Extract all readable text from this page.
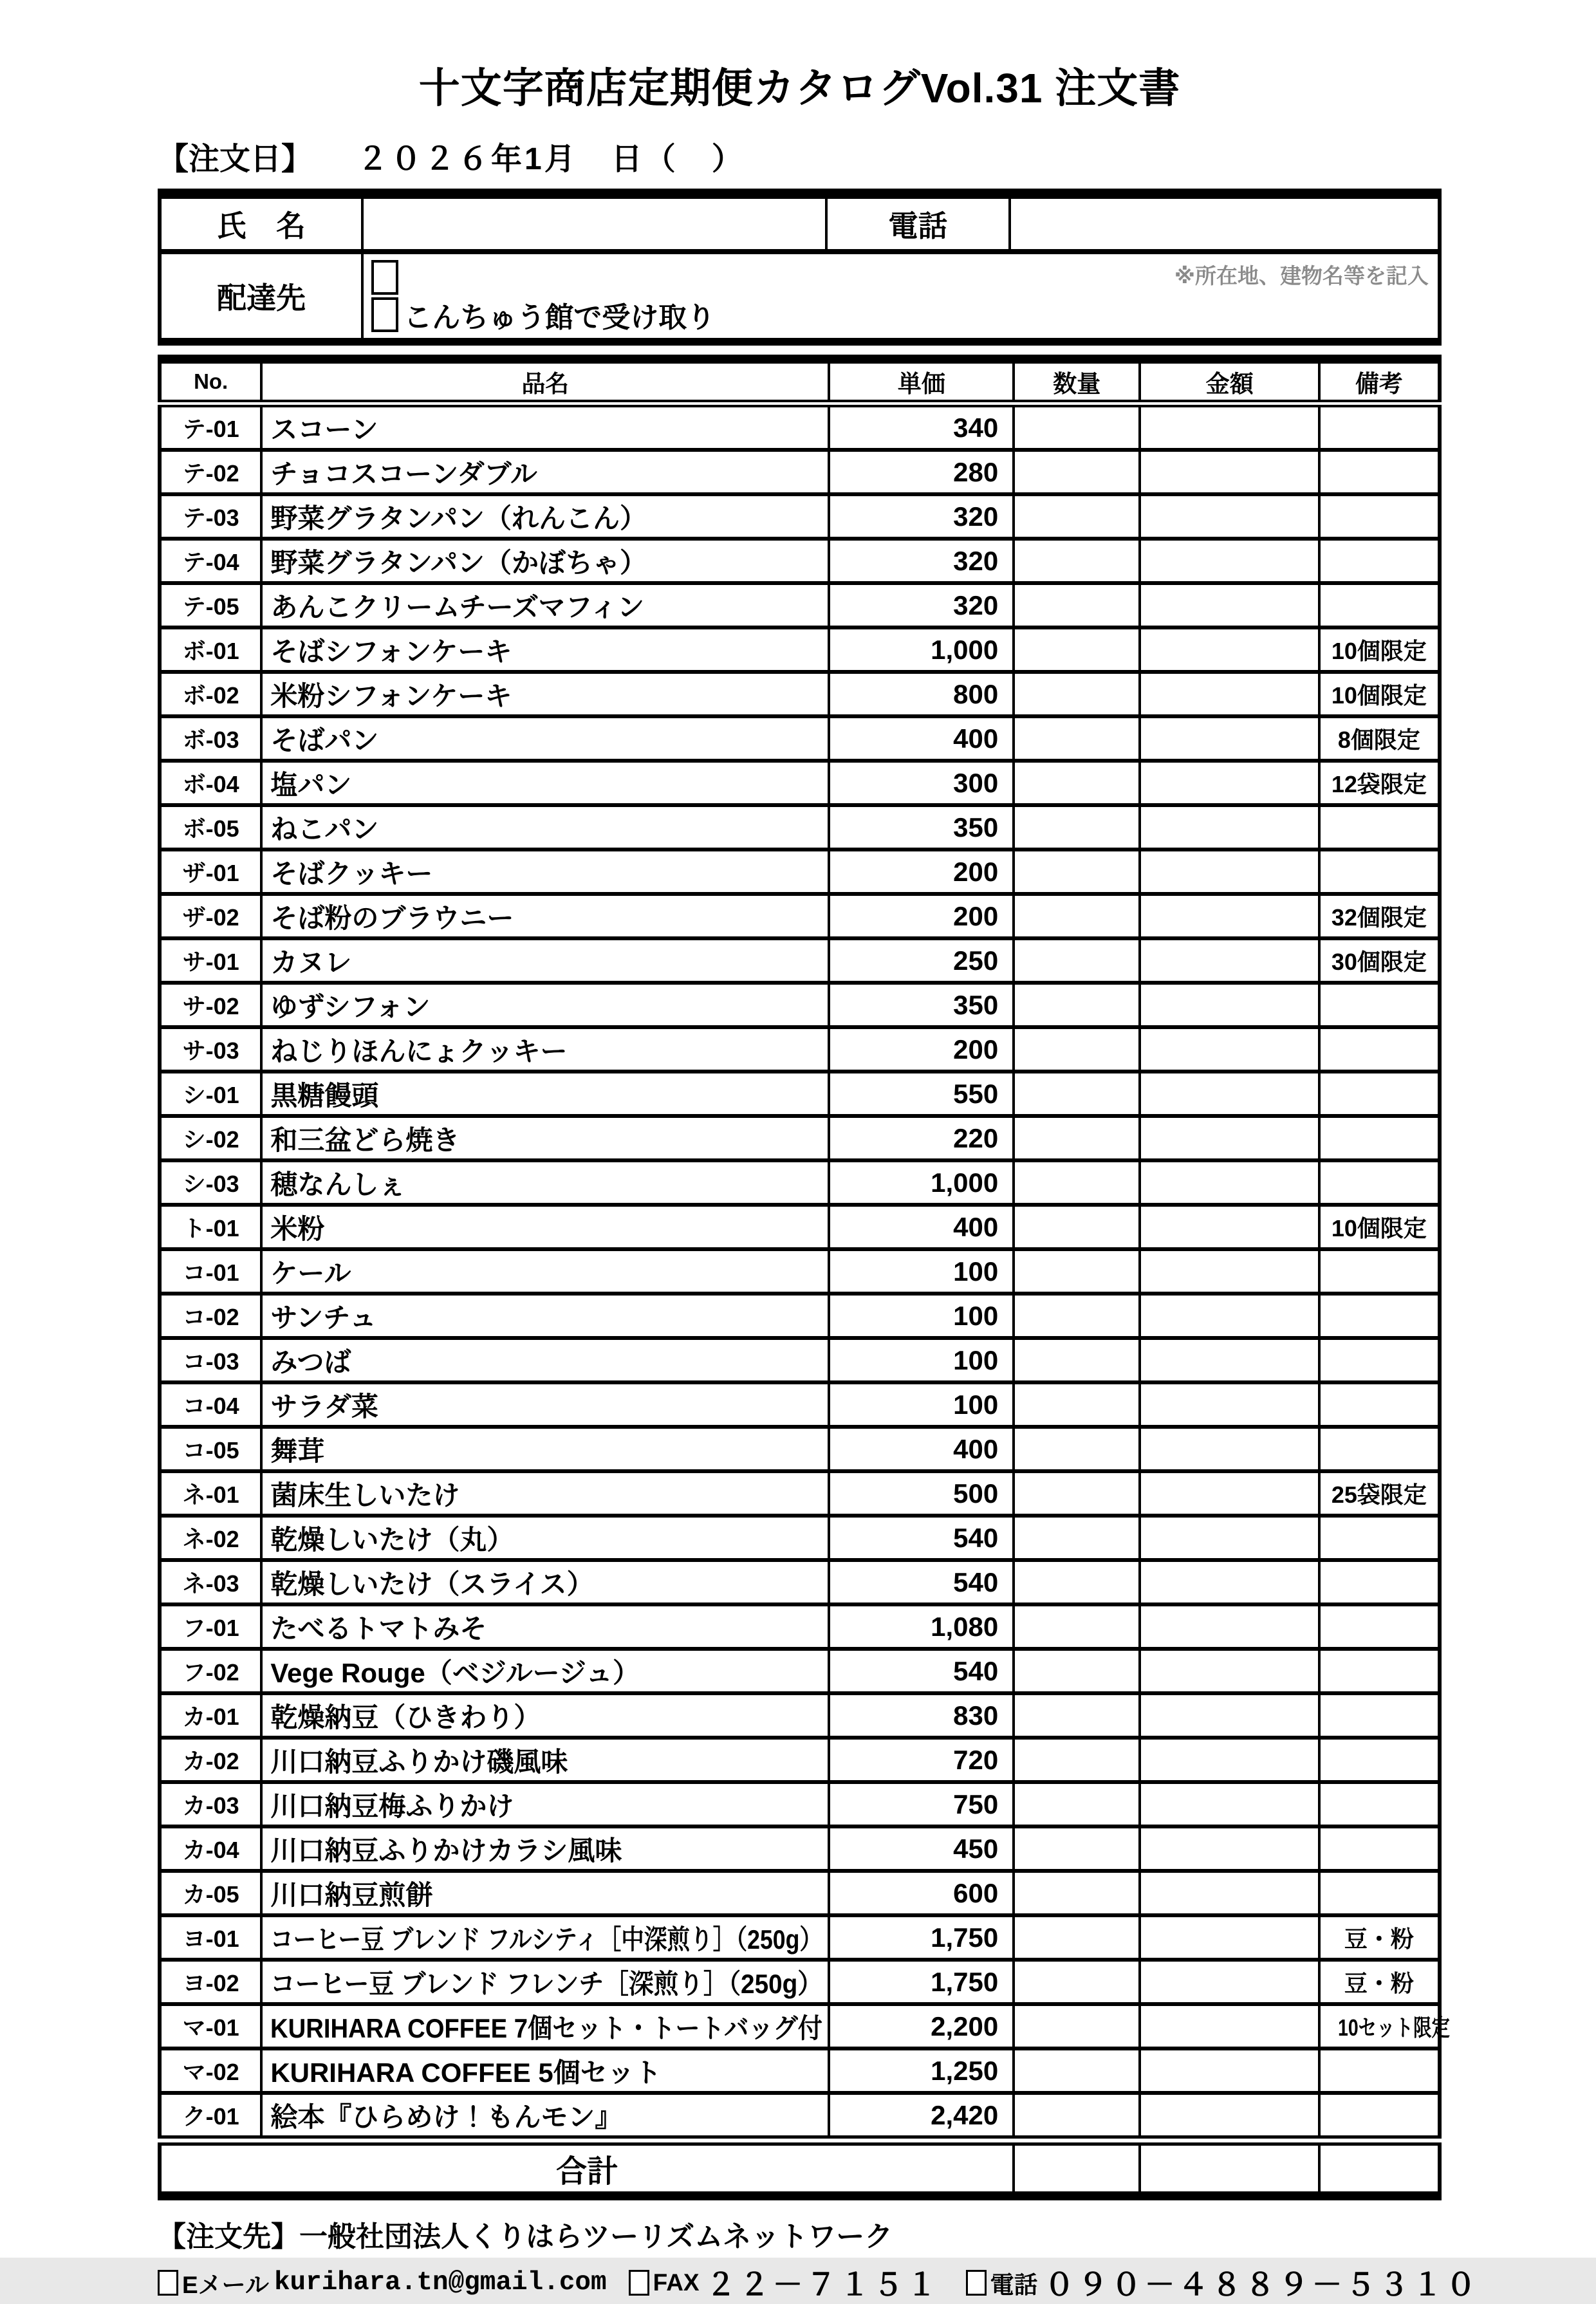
十文字商店定期便カタログVol.31 注文書
【注文日】 ２０２６年1月　日（　）
氏　名		電話	
配達先	※所在地、建物名等を記入
こんちゅう館で受け取り		
No.	品名	単価	数量	金額	備考
テ-01	スコーン	340			
テ-02	チョコスコーンダブル	280			
テ-03	野菜グラタンパン（れんこん）	320			
テ-04	野菜グラタンパン（かぼちゃ）	320			
テ-05	あんこクリームチーズマフィン	320			
ボ-01	そばシフォンケーキ	1,000			10個限定
ボ-02	米粉シフォンケーキ	800			10個限定
ボ-03	そばパン	400			8個限定
ボ-04	塩パン	300			12袋限定
ボ-05	ねこパン	350			
ザ-01	そばクッキー	200			
ザ-02	そば粉のブラウニー	200			32個限定
サ-01	カヌレ	250			30個限定
サ-02	ゆずシフォン	350			
サ-03	ねじりほんにょクッキー	200			
シ-01	黒糖饅頭	550			
シ-02	和三盆どら焼き	220			
シ-03	穂なんしぇ	1,000			
ト-01	米粉	400			10個限定
コ-01	ケール	100			
コ-02	サンチュ	100			
コ-03	みつば	100			
コ-04	サラダ菜	100			
コ-05	舞茸	400			
ネ-01	菌床生しいたけ	500			25袋限定
ネ-02	乾燥しいたけ（丸）	540			
ネ-03	乾燥しいたけ（スライス）	540			
フ-01	たべるトマトみそ	1,080			
フ-02	Vege Rouge（ベジルージュ）	540			
カ-01	乾燥納豆（ひきわり）	830			
カ-02	川口納豆ふりかけ磯風味	720			
カ-03	川口納豆梅ふりかけ	750			
カ-04	川口納豆ふりかけカラシ風味	450			
カ-05	川口納豆煎餅	600			
ヨ-01	コーヒー豆 ブレンド フルシティ［中深煎り］（250g）	1,750			豆・粉
ヨ-02	コーヒー豆 ブレンド フレンチ［深煎り］（250g）	1,750			豆・粉
マ-01	KURIHARA COFFEE 7個セット・トートバッグ付	2,200			10セット限定
マ-02	KURIHARA COFFEE 5個セット	1,250			
ク-01	絵本『ひらめけ！もんモン』	2,420			
合計					
【注文先】一般社団法人くりはらツーリズムネットワーク
Eメール kurihara.tn@gmail.com FAX ２２－７１５１ 電話 ０９０－４８８９－５３１０
